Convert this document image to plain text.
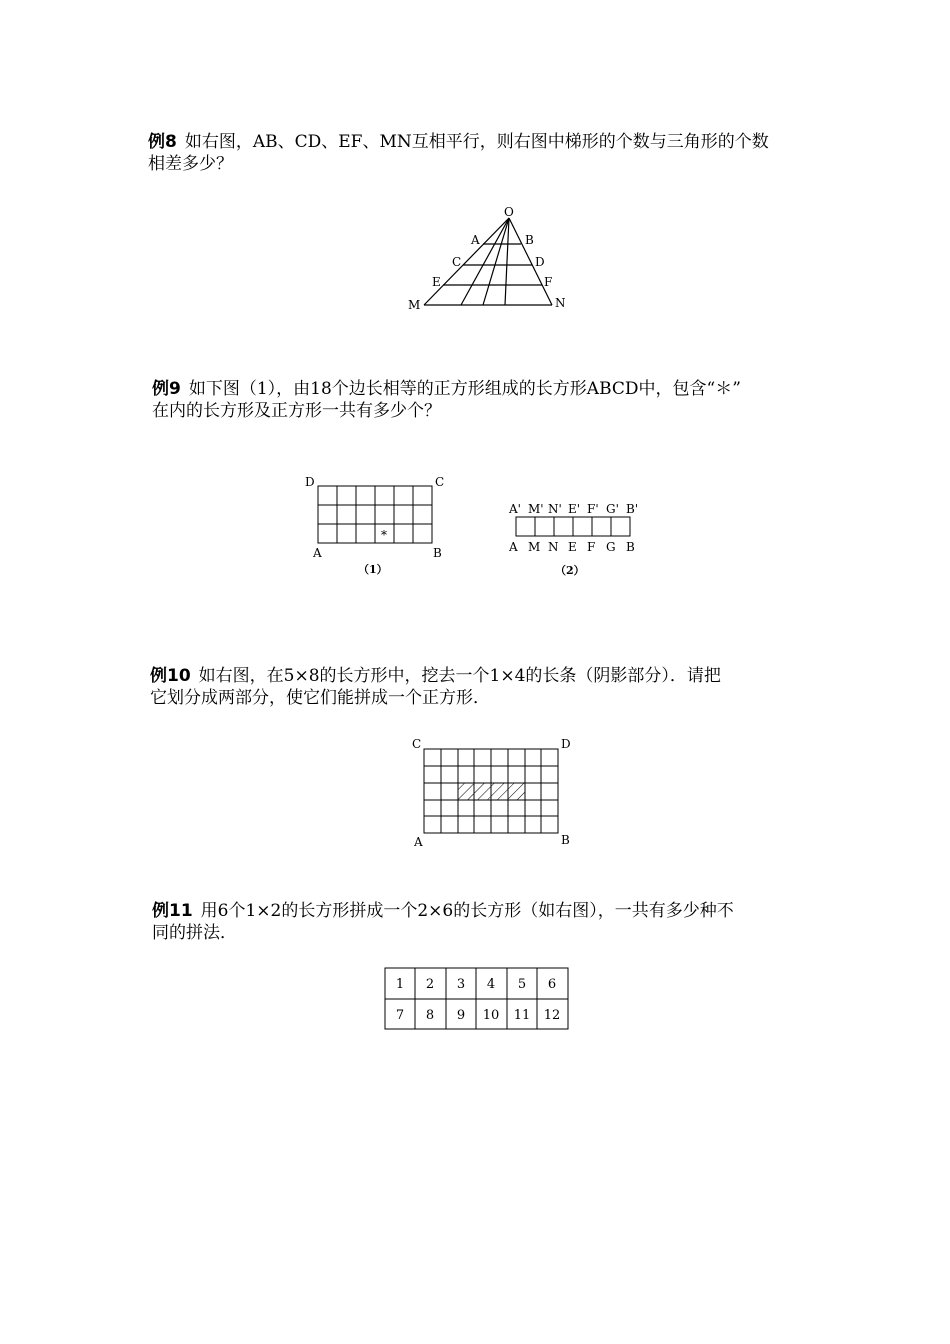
例8 如右图，AB、CD、EF、MN互相平行，则右图中梯形的个数与三角形的个数
相差多少？
例9 如下图（1），由18个边长相等的正方形组成的长方形ABCD中，包含“＊”
在内的长方形及正方形一共有多少个？
例10 如右图，在5×8的长方形中，挖去一个1×4的长条（阴影部分）．请把
它划分成两部分，使它们能拼成一个正方形．
例11 用6个1×2的长方形拼成一个2×6的长方形（如右图），一共有多少种不
同的拼法．
O
A	B
C	D
E	F
M	N
D	C
A	B
*
（1）
A' M' N' E' F' G' B'
A M N E F G B
（2）
C	D
A	B
1 2 3 4 5 6
7 8 9 10 11 12
